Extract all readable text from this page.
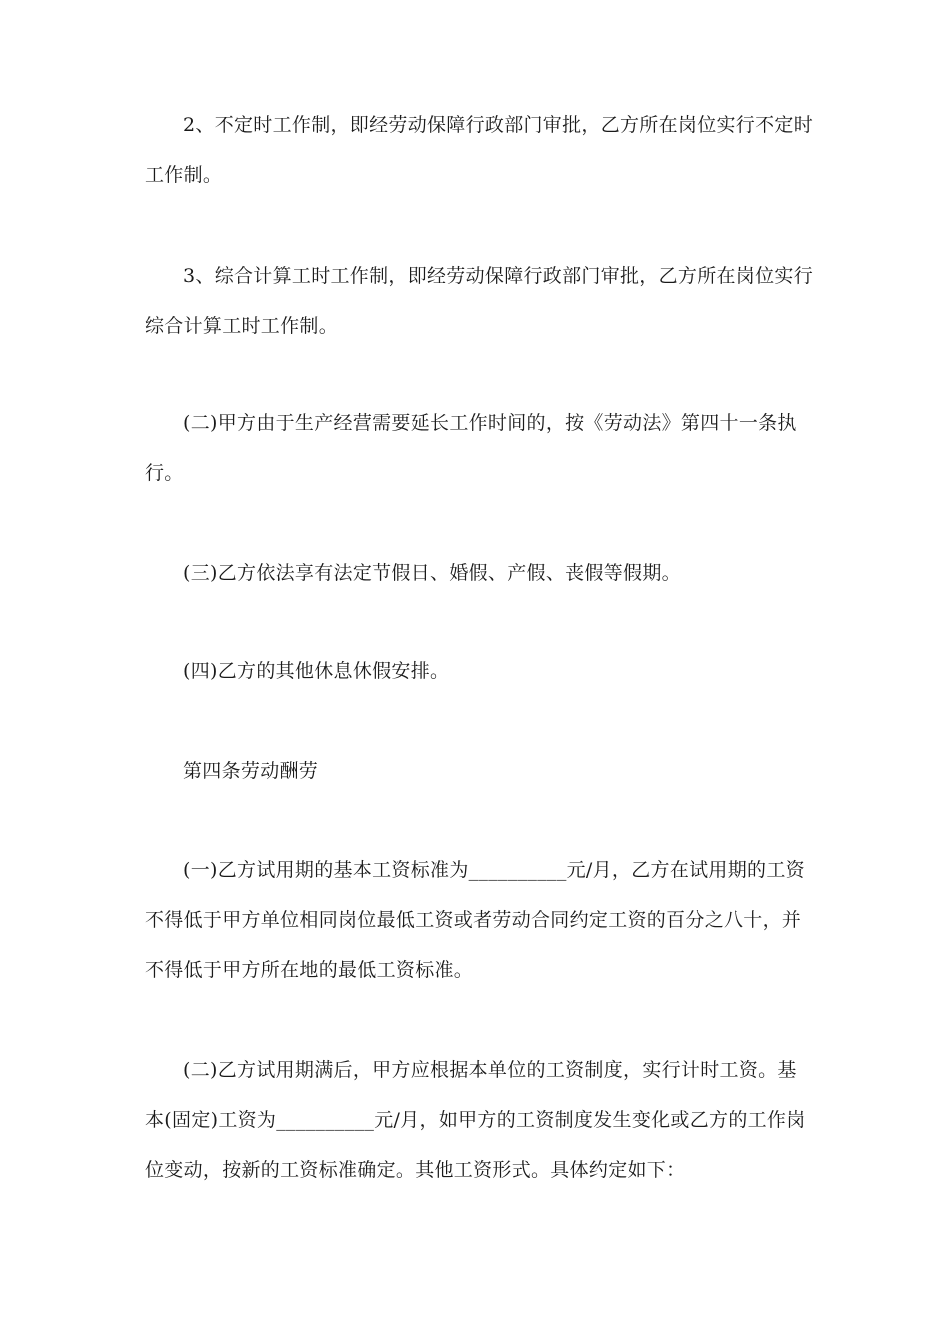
2、不定时工作制，即经劳动保障行政部门审批，乙方所在岗位实行不定时
工作制。
3、综合计算工时工作制，即经劳动保障行政部门审批，乙方所在岗位实行
综合计算工时工作制。
(二)甲方由于生产经营需要延长工作时间的，按《劳动法》第四十一条执
行。
(三)乙方依法享有法定节假日、婚假、产假、丧假等假期。
(四)乙方的其他休息休假安排。
第四条劳动酬劳
(一)乙方试用期的基本工资标准为__________元/月，乙方在试用期的工资
不得低于甲方单位相同岗位最低工资或者劳动合同约定工资的百分之八十，并
不得低于甲方所在地的最低工资标准。
(二)乙方试用期满后，甲方应根据本单位的工资制度，实行计时工资。基
本(固定)工资为__________元/月，如甲方的工资制度发生变化或乙方的工作岗
位变动，按新的工资标准确定。其他工资形式。具体约定如下：
